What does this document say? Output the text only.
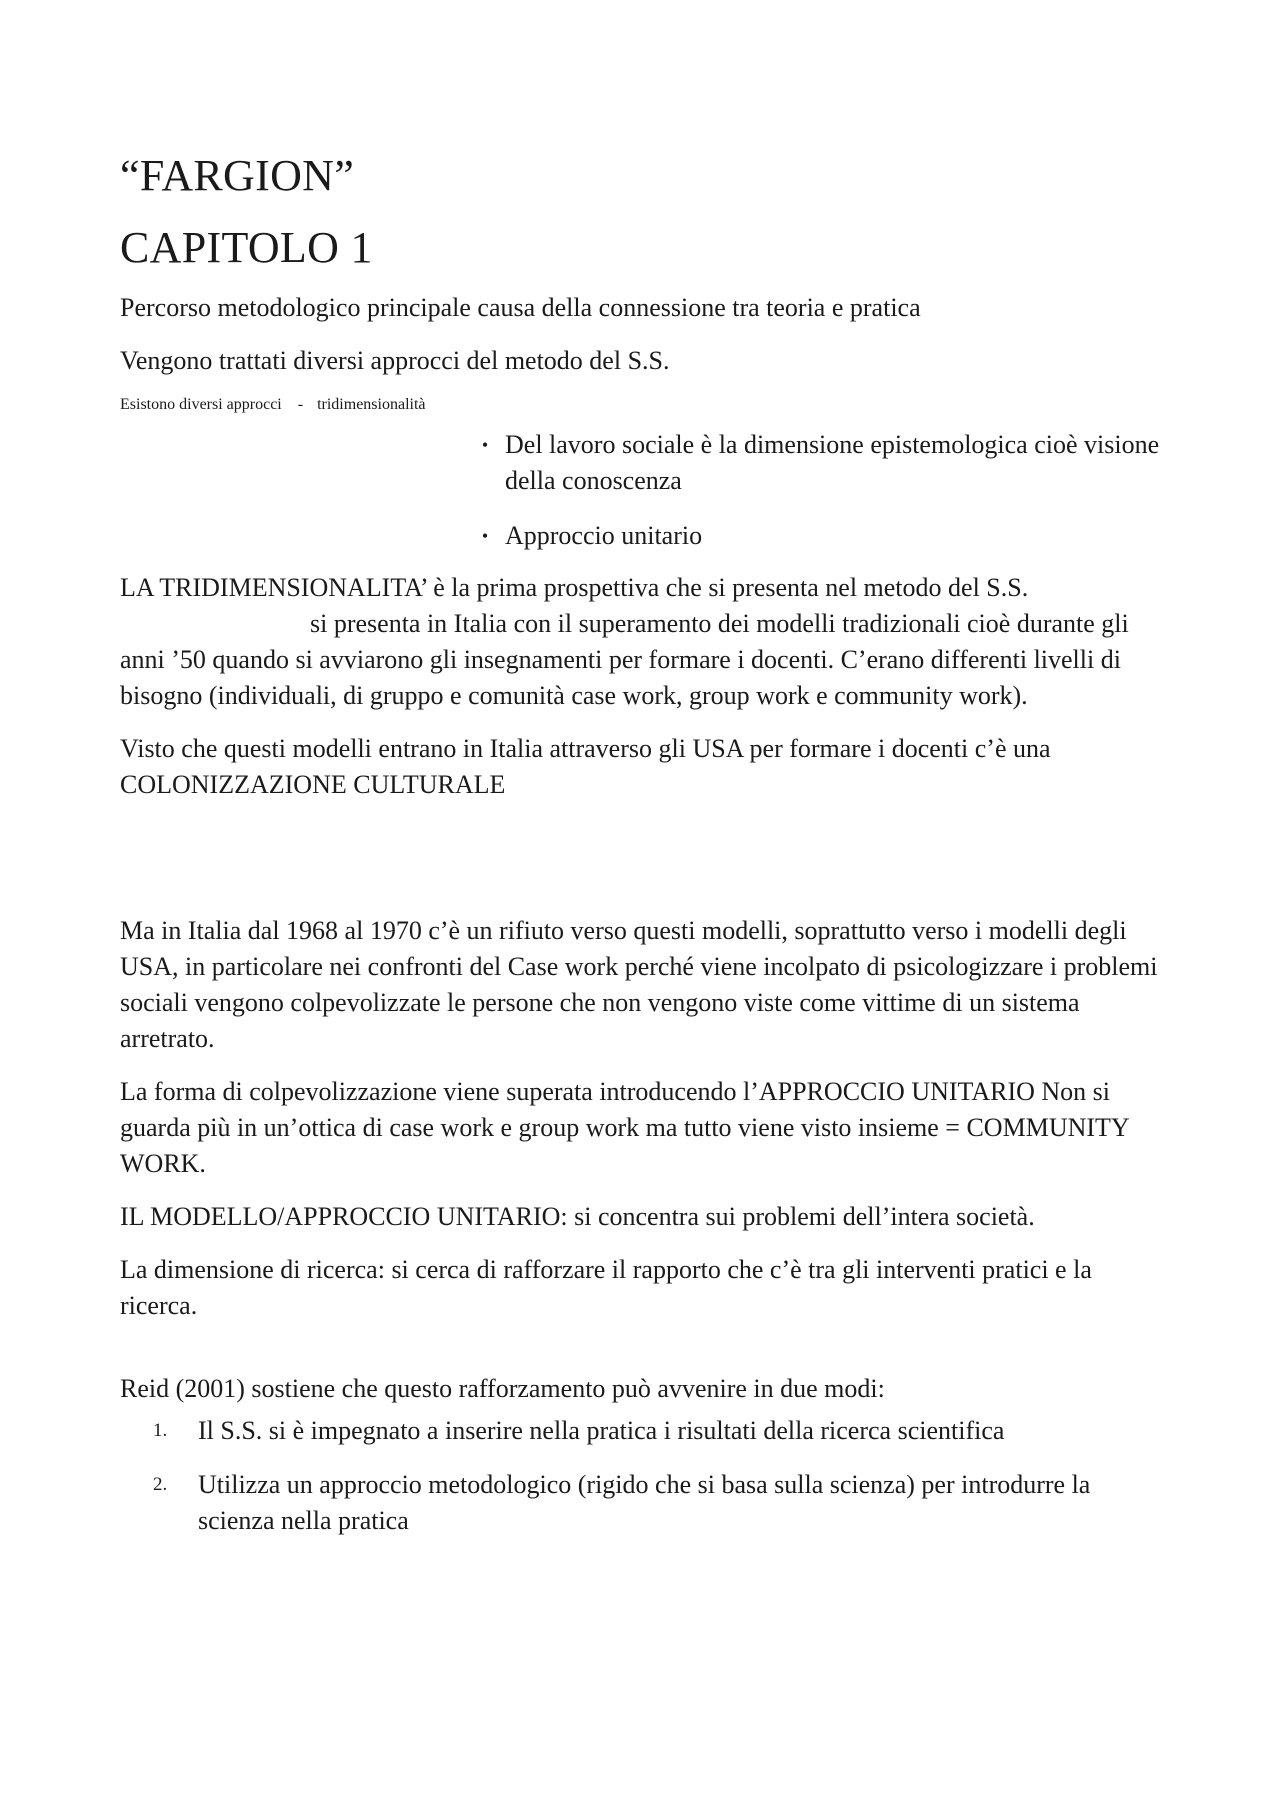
“FARGION”
CAPITOLO 1

Percorso metodologico principale causa della connessione tra teoria e pratica

Vengono trattati diversi approcci del metodo del S.S.

Esistono diversi approcci - tridimensionalità
• Del lavoro sociale è la dimensione epistemologica cioè visione della conoscenza
• Approccio unitario

LA TRIDIMENSIONALITA’ è la prima prospettiva che si presenta nel metodo del S.S.si presenta in Italia con il superamento dei modelli tradizionali cioè durante gli anni ’50 quando si avviarono gli insegnamenti per formare i docenti. C’erano differenti livelli di bisogno (individuali, di gruppo e comunità case work, group work e community work).

Visto che questi modelli entrano in Italia attraverso gli USA per formare i docenti c’è una COLONIZZAZIONE CULTURALE

Ma in Italia dal 1968 al 1970 c’è un rifiuto verso questi modelli, soprattutto verso i modelli degli USA, in particolare nei confronti del Case work perché viene incolpato di psicologizzare i problemi sociali vengono colpevolizzate le persone che non vengono viste come vittime di un sistema arretrato.

La forma di colpevolizzazione viene superata introducendo l’APPROCCIO UNITARIO Non si guarda più in un’ottica di case work e group work ma tutto viene visto insieme = COMMUNITY WORK.

IL MODELLO/APPROCCIO UNITARIO: si concentra sui problemi dell’intera società.

La dimensione di ricerca: si cerca di rafforzare il rapporto che c’è tra gli interventi pratici e la ricerca.

Reid (2001) sostiene che questo rafforzamento può avvenire in due modi:

1.	Il S.S. si è impegnato a inserire nella pratica i risultati della ricerca scientifica
2.	Utilizza un approccio metodologico (rigido che si basa sulla scienza) per introdurre la scienza nella pratica
